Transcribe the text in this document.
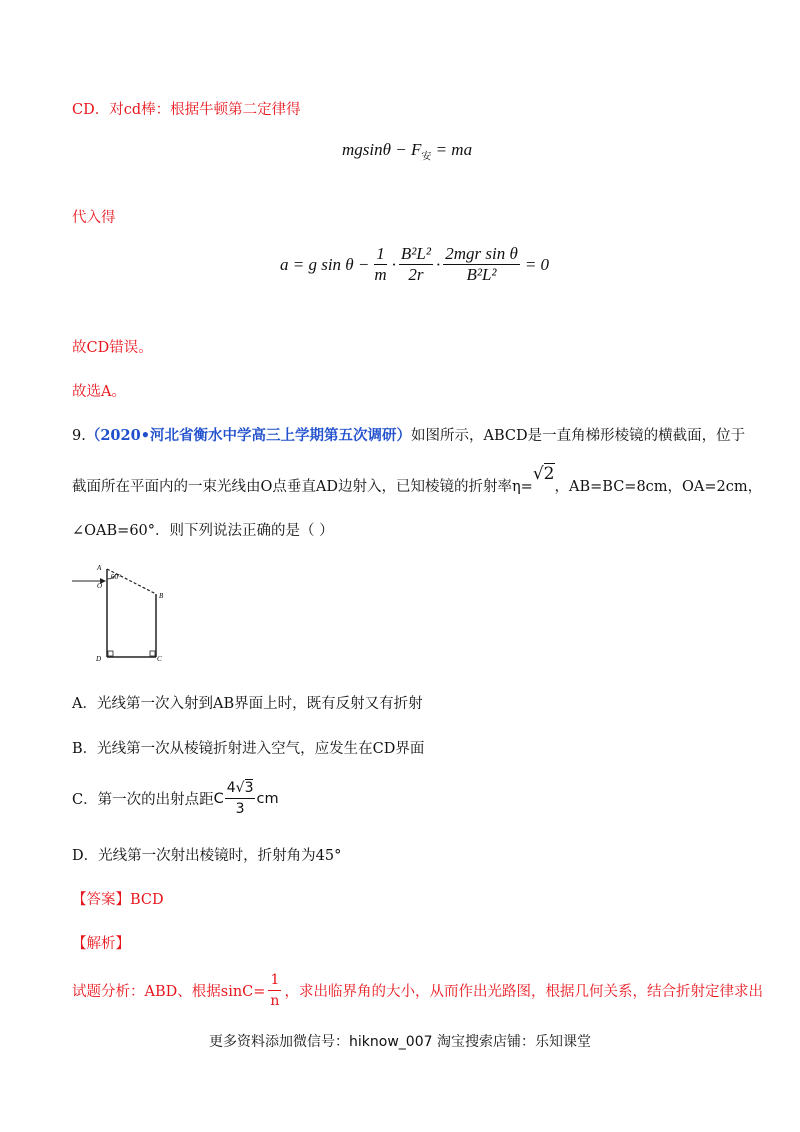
CD．对cd棒：根据牛顿第二定律得
$mgsin\theta - F_安$ = ma
代入得
a = g $\sin \theta - \frac{1}{m} \cdot \frac{\text{B²L²}}{2r} \cdot \frac{\text{2mgr sin θ}}{\text{B²L²}} = 0$
故CD错误。
故选A。
9.（2020•河北省衡水中学高三上学期第五次调研）如图所示，ABCD是一直角梯形棱镜的横截面，位于
截面所在平面内的一束光线由O点垂直AD边射入，已知棱镜的折射率η=√2，AB=BC=8cm，OA=2cm，
∠OAB=60°．则下列说法正确的是（ ）
A
O
60°
B
C
D
A．光线第一次入射到AB界面上时，既有反射又有折射
B．光线第一次从棱镜折射进入空气，应发生在CD界面
C．第一次的出射点距 C $\frac{4√3}{3}$ cm
D．光线第一次射出棱镜时，折射角为45°
【答案】BCD
【解析】
试题分析：ABD、根据$\sin C= \frac{1}{n}$ ，求出临界角的大小，从而作出光路图，根据几何关系，结合折射定律求出
更多资料添加微信号：hiknow_007 淘宝搜索店铺：乐知课堂
